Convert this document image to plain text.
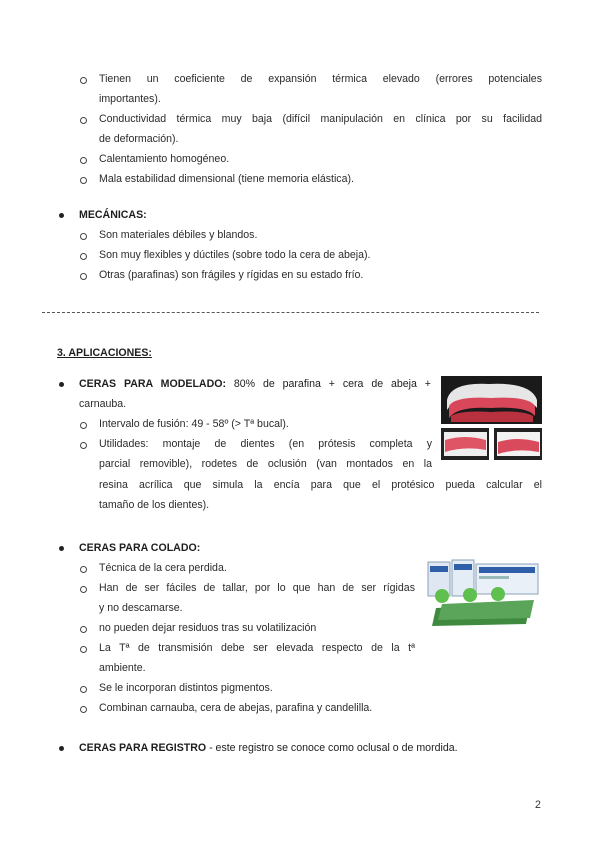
Tienen un coeficiente de expansión térmica elevado (errores potenciales
importantes).
Conductividad térmica muy baja (difícil manipulación en clínica por su facilidad
de deformación).
Calentamiento homogéneo.
Mala estabilidad dimensional (tiene memoria elástica).
MECÁNICAS:
Son materiales débiles y blandos.
Son muy flexibles y dúctiles (sobre todo la cera de abeja).
Otras (parafinas) son frágiles y rígidas en su estado frío.
3. APLICACIONES:
CERAS PARA MODELADO: 80% de parafina + cera de abeja +
carnauba.
Intervalo de fusión: 49 - 58º (> Tª bucal).
Utilidades: montaje de dientes (en prótesis completa y
parcial removible), rodetes de oclusión (van montados en la
resina acrílica que simula la encía para que el protésico pueda calcular el
tamaño de los dientes).
CERAS PARA COLADO:
Técnica de la cera perdida.
Han de ser fáciles de tallar, por lo que han de ser rígidas
y no descamarse.
no pueden dejar residuos tras su volatilización
La Tª de transmisión debe ser elevada respecto de la tª
ambiente.
Se le incorporan distintos pigmentos.
Combinan carnauba, cera de abejas, parafina y candelilla.
CERAS PARA REGISTRO - este registro se conoce como oclusal o de mordida.
2
